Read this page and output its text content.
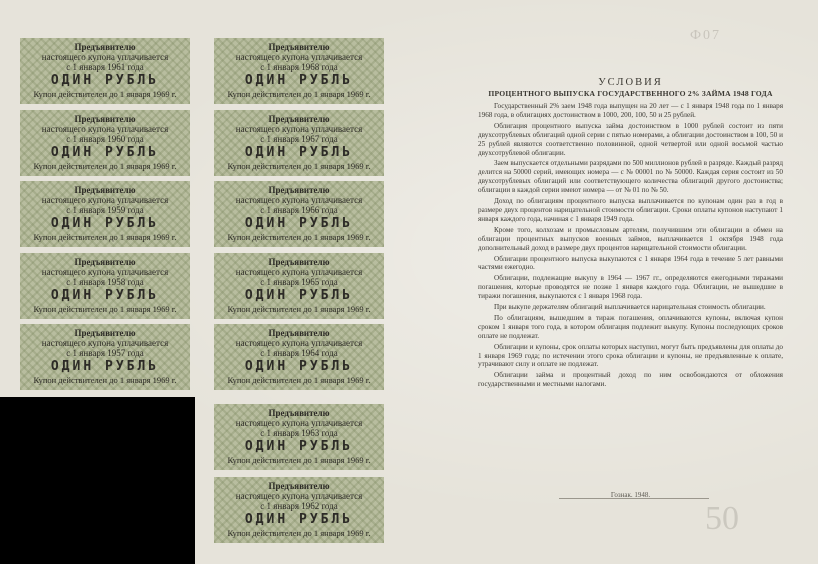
Ф07
50
Предъявителю
настоящего купона уплачивается
с 1 января 1961 года
ОДИН РУБЛЬ
Купон действителен до 1 января 1969 г.
Предъявителю
настоящего купона уплачивается
с 1 января 1960 года
ОДИН РУБЛЬ
Купон действителен до 1 января 1969 г.
Предъявителю
настоящего купона уплачивается
с 1 января 1959 года
ОДИН РУБЛЬ
Купон действителен до 1 января 1969 г.
Предъявителю
настоящего купона уплачивается
с 1 января 1958 года
ОДИН РУБЛЬ
Купон действителен до 1 января 1969 г.
Предъявителю
настоящего купона уплачивается
с 1 января 1957 года
ОДИН РУБЛЬ
Купон действителен до 1 января 1969 г.
Предъявителю
настоящего купона уплачивается
с 1 января 1968 года
ОДИН РУБЛЬ
Купон действителен до 1 января 1969 г.
Предъявителю
настоящего купона уплачивается
с 1 января 1967 года
ОДИН РУБЛЬ
Купон действителен до 1 января 1969 г.
Предъявителю
настоящего купона уплачивается
с 1 января 1966 года
ОДИН РУБЛЬ
Купон действителен до 1 января 1969 г.
Предъявителю
настоящего купона уплачивается
с 1 января 1965 года
ОДИН РУБЛЬ
Купон действителен до 1 января 1969 г.
Предъявителю
настоящего купона уплачивается
с 1 января 1964 года
ОДИН РУБЛЬ
Купон действителен до 1 января 1969 г.
Предъявителю
настоящего купона уплачивается
с 1 января 1963 года
ОДИН РУБЛЬ
Купон действителен до 1 января 1969 г.
Предъявителю
настоящего купона уплачивается
с 1 января 1962 года
ОДИН РУБЛЬ
Купон действителен до 1 января 1969 г.
УСЛОВИЯ
ПРОЦЕНТНОГО ВЫПУСКА ГОСУДАРСТВЕННОГО 2% ЗАЙМА 1948 ГОДА

Государственный 2% заем 1948 года выпущен на 20 лет — с 1 января 1948 года по 1 января 1968 года, в облигациях достоинством в 1000, 200, 100, 50 и 25 рублей.

Облигация процентного выпуска займа достоинством в 1000 рублей состоит из пяти двухсотрублевых облигаций одной серии с пятью номерами, а облигации достоинством в 100, 50 и 25 рублей являются соответственно половинной, одной четвертой или одной восьмой частью двухсотрублевой облигации.

Заем выпускается отдельными разрядами по 500 миллионов рублей в разряде. Каждый разряд делится на 50000 серий, имеющих номера — с № 00001 по № 50000. Каждая серия состоит из 50 двухсотрублевых облигаций или соответствующего количества облигаций другого достоинства; облигации в каждой серии имеют номера — от № 01 по № 50.

Доход по облигациям процентного выпуска выплачивается по купонам один раз в год в размере двух процентов нарицательной стоимости облигации. Сроки оплаты купонов наступают 1 января каждого года, начиная с 1 января 1949 года.

Кроме того, колхозам и промысловым артелям, получившим эти облигации в обмен на облигации процентных выпусков военных займов, выплачивается 1 октября 1948 года дополнительный доход в размере двух процентов нарицательной стоимости облигации.

Облигации процентного выпуска выкупаются с 1 января 1964 года в течение 5 лет равными частями ежегодно.

Облигации, подлежащие выкупу в 1964 — 1967 гг., определяются ежегодными тиражами погашения, которые проводятся не позже 1 января каждого года. Облигации, не вышедшие в тиражи погашения, выкупаются с 1 января 1968 года.

При выкупе держателям облигаций выплачивается нарицательная стоимость облигации.

По облигациям, вышедшим в тираж погашения, оплачиваются купоны, включая купон сроком 1 января того года, в котором облигация подлежит выкупу. Купоны последующих сроков оплате не подлежат.

Облигации и купоны, срок оплаты которых наступил, могут быть предъявлены для оплаты до 1 января 1969 года; по истечении этого срока облигации и купоны, не предъявленные к оплате, утрачивают силу и оплате не подлежат.

Облигации займа и процентный доход по ним освобождаются от обложения государственными и местными налогами.

Гознак. 1948.
